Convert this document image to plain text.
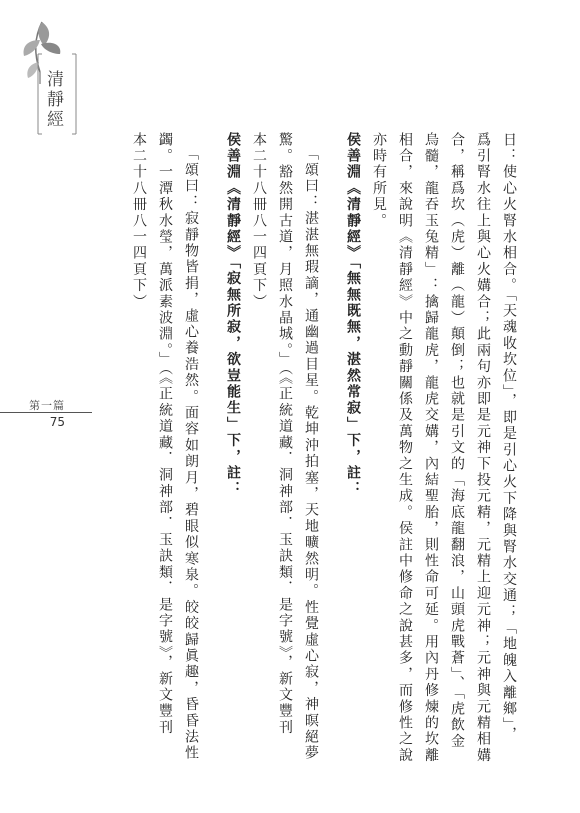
清靜經

日：使心火腎水相合。「天魂收坎位」，即是引心火下降與腎水交通；「地魄入離鄉」，

爲引腎水往上與心火媾合；此兩句亦即是元神下投元精，元精上迎元神；元神與元精相媾

合，稱爲坎（虎）離（龍）顛倒；也就是引文的「海底龍翻浪，山頭虎戰蒼」、「虎飲金

烏髓，龍吞玉兔精」：擒歸龍虎，龍虎交媾，內結聖胎，則性命可延。用內丹修煉的坎離

相合，來說明《清靜經》中之動靜關係及萬物之生成。侯註中修命之說甚多，而修性之說

亦時有所見。

侯善淵《清靜經》「無無既無，湛然常寂」下，註：

「頌曰：湛湛無瑕謫，通幽過目星。乾坤沖拍塞，天地曠然明。性覺虛心寂，神暝絕夢

驚。豁然開古道，月照水晶城。」（《正統道藏．洞神部．玉訣類．是字號》，新文豐刊

本二十八冊八一四頁下）

侯善淵《清靜經》「寂無所寂，欲豈能生」下，註：

「頌曰：寂靜物皆捐，虛心養浩然。面容如朗月，碧眼似寒泉。皎皎歸眞趣，昏昏法性

蠲。一潭秋水瑩，萬派素波淵。」（《正統道藏．洞神部．玉訣類．是字號》，新文豐刊

本二十八冊八一四頁下）

第一篇
75
